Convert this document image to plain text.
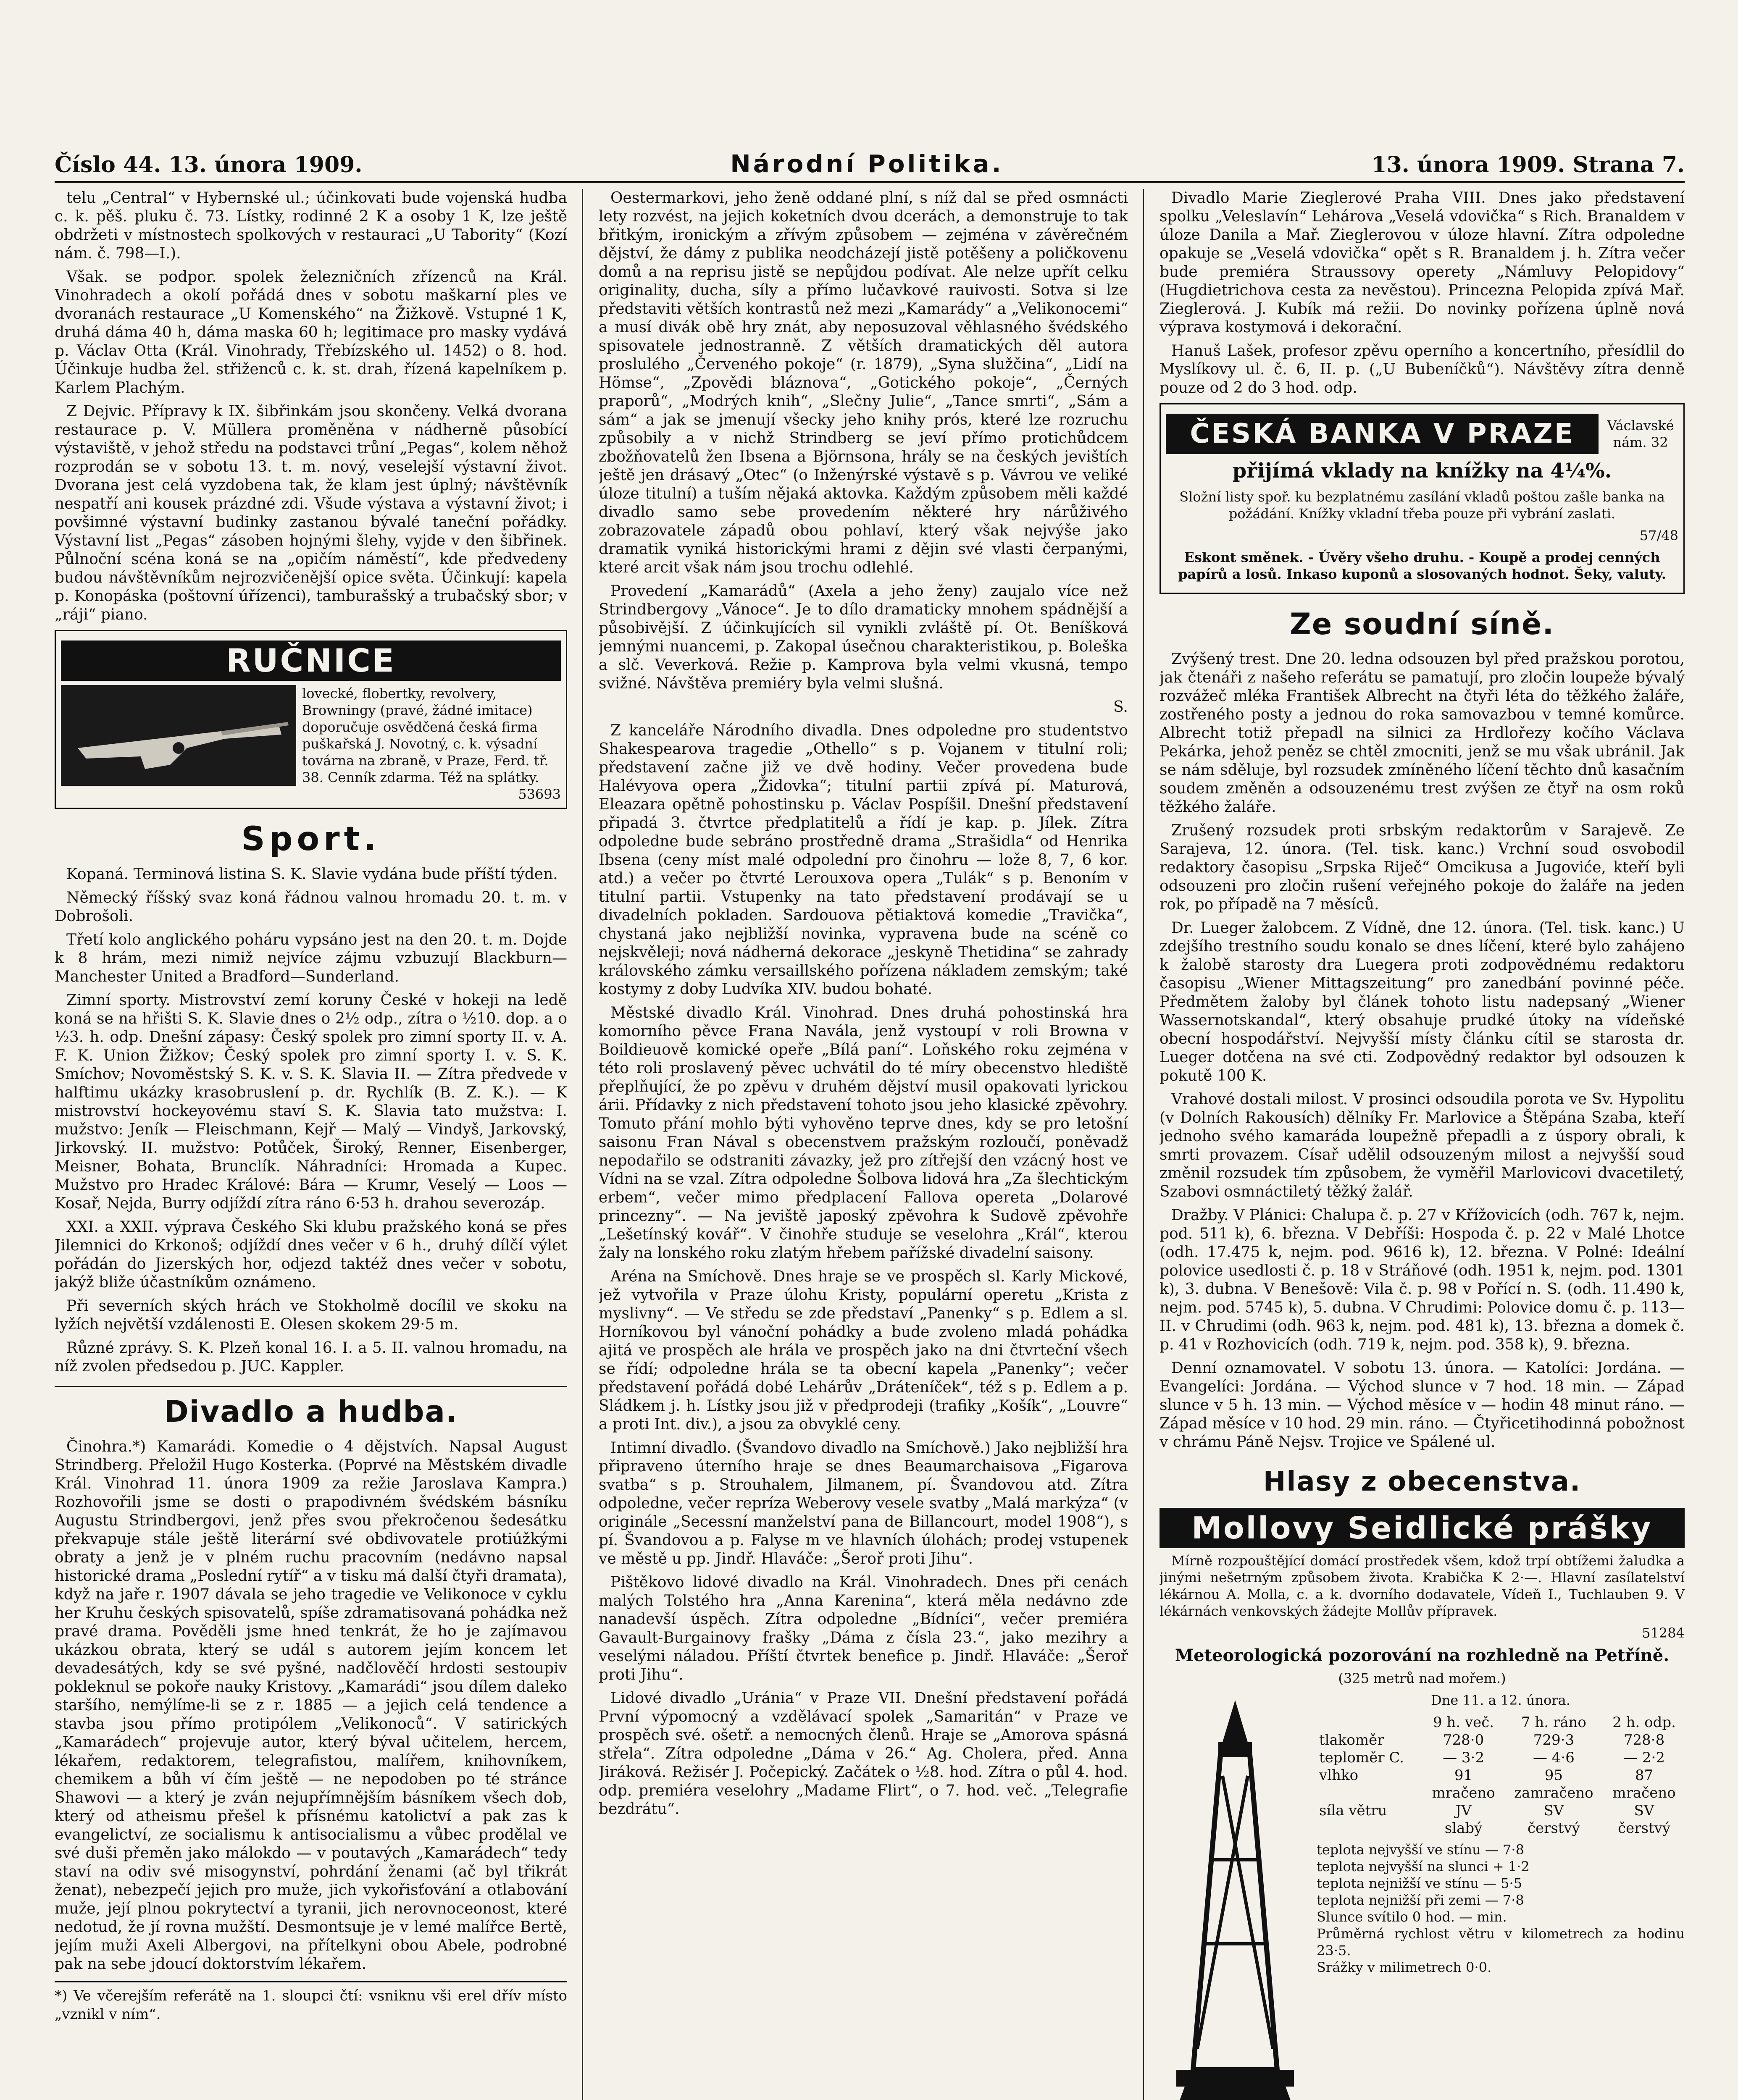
Číslo 44. 13. února 1909.	Národní Politika.	13. února 1909. Strana 7.

telu „Central“ v Hybernské ul.; účinkovati bude vojenská hudba c. k. pěš. pluku č. 73. Lístky, rodinné 2 K a osoby 1 K, lze ještě obdržeti v místnostech spolkových v restauraci „U Tabority“ (Kozí nám. č. 798—I.).

Však. se podpor. spolek železničních zřízenců na Král. Vinohradech a okolí pořádá dnes v sobotu maškarní ples ve dvoranách restaurace „U Komenského“ na Žižkově. Vstupné 1 K, druhá dáma 40 h, dáma maska 60 h; legitimace pro masky vydává p. Václav Otta (Král. Vinohrady, Třebízského ul. 1452) o 8. hod. Účinkuje hudba žel. střiženců c. k. st. drah, řízená kapelníkem p. Karlem Plachým.

Z Dejvic. Přípravy k IX. šibřinkám jsou skončeny. Velká dvorana restaurace p. V. Müllera proměněna v nádherně působící výstaviště, v jehož středu na podstavci trůní „Pegas“, kolem něhož rozprodán se v sobotu 13. t. m. nový, veselejší výstavní život. Dvorana jest celá vyzdobena tak, že klam jest úplný; návštěvník nespatří ani kousek prázdné zdi. Všude výstava a výstavní život; i povšimné výstavní budinky zastanou bývalé taneční pořádky. Výstavní list „Pegas“ zásoben hojnými šlehy, vyjde v den šibřinek. Půlnoční scéna koná se na „opičím náměstí“, kde předvedeny budou návštěvníkům nejrozvičenější opice světa. Účinkují: kapela p. Konopáska (poštovní úřízenci), tamburašský a trubačský sbor; v „ráji“ piano.

RUČNICE
lovecké, flobertky, revolvery, Browningy (pravé, žádné imitace) doporučuje osvědčená česká firma puškařská J. Novotný, c. k. výsadní továrna na zbraně, v Praze, Ferd. tř. 38. Cenník zdarma. Též na splátky.
53693
Sport.

Kopaná. Terminová listina S. K. Slavie vydána bude příští týden.

Německý říšský svaz koná řádnou valnou hromadu 20. t. m. v Dobrošoli.

Třetí kolo anglického poháru vypsáno jest na den 20. t. m. Dojde k 8 hrám, mezi nimiž nejvíce zájmu vzbuzují Blackburn—Manchester United a Bradford—Sunderland.

Zimní sporty. Mistrovství zemí koruny České v hokeji na ledě koná se na hřišti S. K. Slavie dnes o 2½ odp., zítra o ½10. dop. a o ½3. h. odp. Dnešní zápasy: Český spolek pro zimní sporty II. v. A. F. K. Union Žižkov; Český spolek pro zimní sporty I. v. S. K. Smíchov; Novoměstský S. K. v. S. K. Slavia II. — Zítra předvede v halftimu ukázky krasobruslení p. dr. Rychlík (B. Z. K.). — K mistrovství hockeyovému staví S. K. Slavia tato mužstva: I. mužstvo: Jeník — Fleischmann, Kejř — Malý — Vindyš, Jarkovský, Jirkovský. II. mužstvo: Potůček, Široký, Renner, Eisenberger, Meisner, Bohata, Brunclík. Náhradníci: Hromada a Kupec. Mužstvo pro Hradec Králové: Bára — Krumr, Veselý — Loos — Kosař, Nejda, Burry odjíždí zítra ráno 6·53 h. drahou severozáp.

XXI. a XXII. výprava Českého Ski klubu pražského koná se přes Jilemnici do Krkonoš; odjíždí dnes večer v 6 h., druhý dílčí výlet pořádán do Jizerských hor, odjezd taktéž dnes večer v sobotu, jakýž bliže účastníkům oznámeno.

Při severních ských hrách ve Stokholmě docílil ve skoku na lyžích největší vzdálenosti E. Olesen skokem 29·5 m.

Různé zprávy. S. K. Plzeň konal 16. I. a 5. II. valnou hromadu, na níž zvolen předsedou p. JUC. Kappler.

Divadlo a hudba.

Činohra.*) Kamarádi. Komedie o 4 dějstvích. Napsal August Strindberg. Přeložil Hugo Kosterka. (Poprvé na Městském divadle Král. Vinohrad 11. února 1909 za režie Jaroslava Kampra.) Rozhovořili jsme se dosti o prapodivném švédském básníku Augustu Strindbergovi, jenž přes svou překročenou šedesátku překvapuje stále ještě literární své obdivovatele protiúžkými obraty a jenž je v plném ruchu pracovním (nedávno napsal historické drama „Poslední rytíř“ a v tisku má další čtyři dramata), když na jaře r. 1907 dávala se jeho tragedie ve Velikonoce v cyklu her Kruhu českých spisovatelů, spíše zdramatisovaná pohádka než pravé drama. Pověděli jsme hned tenkrát, že ho je zajímavou ukázkou obrata, který se udál s autorem jejím koncem let devadesátých, kdy se své pyšné, nadčlověčí hrdosti sestoupiv pokleknul se pokoře nauky Kristovy. „Kamarádi“ jsou dílem daleko staršího, nemýlíme-li se z r. 1885 — a jejich celá tendence a stavba jsou přímo protipólem „Velikonoců“. V satirických „Kamarádech“ projevuje autor, který býval učitelem, hercem, lékařem, redaktorem, telegrafistou, malířem, knihovníkem, chemikem a bůh ví čím ještě — ne nepodoben po té stránce Shawovi — a který je zván nejupřímnějším básníkem všech dob, který od atheismu přešel k přísnému katolictví a pak zas k evangelictví, ze socialismu k antisocialismu a vůbec prodělal ve své duši přeměn jako málokdo — v poutavých „Kamarádech“ tedy staví na odiv své misogynství, pohrdání ženami (ač byl třikrát ženat), nebezpečí jejich pro muže, jich vykořisťování a otlabování muže, její plnou pokrytectví a tyranii, jich nerovnoceonost, které nedotud, že jí rovna mužští. Desmontsuje je v lemé malířce Bertě, jejím muži Axeli Albergovi, na přítelkyni obou Abele, podrobné pak na sebe jdoucí doktorstvím lékařem.

*) Ve včerejším referátě na 1. sloupci čtí: vsniknu vši erel dřív místo „vznikl v ním“.

Oestermarkovi, jeho ženě oddané plní, s níž dal se před osmnácti lety rozvést, na jejich koketních dvou dcerách, a demonstruje to tak břitkým, ironickým a zřívým způsobem — zejména v závěrečném dějství, že dámy z publika neodcházejí jistě potěšeny a poličkovenu domů a na reprisu jistě se nepůjdou podívat. Ale nelze upřít celku originality, ducha, síly a přímo lučavkové rauivosti. Sotva si lze představiti větších kontrastů než mezi „Kamarády“ a „Velikonocemi“ a musí divák obě hry znát, aby neposuzoval věhlasného švédského spisovatele jednostranně. Z větších dramatických děl autora proslulého „Červeného pokoje“ (r. 1879), „Syna služčina“, „Lidí na Hömse“, „Zpovědi bláznova“, „Gotického pokoje“, „Černých praporů“, „Modrých knih“, „Slečny Julie“, „Tance smrti“, „Sám a sám“ a jak se jmenují všecky jeho knihy prós, které lze rozruchu způsobily a v nichž Strindberg se jeví přímo protichůdcem zbožňovatelů žen Ibsena a Björnsona, hrály se na českých jevištích ještě jen drásavý „Otec“ (o Inženýrské výstavě s p. Vávrou ve veliké úloze titulní) a tuším nějaká aktovka. Každým způsobem měli každé divadlo samo sebe provedením některé hry nárůživého zobrazovatele západů obou pohlaví, který však nejvýše jako dramatik vyniká historickými hrami z dějin své vlasti čerpanými, které arcit však nám jsou trochu odlehlé.

Provedení „Kamarádů“ (Axela a jeho ženy) zaujalo více než Strindbergovy „Vánoce“. Je to dílo dramaticky mnohem spádnější a působivější. Z účinkujících sil vynikli zvláště pí. Ot. Beníšková jemnými nuancemi, p. Zakopal úsečnou charakteristikou, p. Boleška a slč. Veverková. Režie p. Kamprova byla velmi vkusná, tempo svižné. Návštěva premiéry byla velmi slušná.

S.

Z kanceláře Národního divadla. Dnes odpoledne pro studentstvo Shakespearova tragedie „Othello“ s p. Vojanem v titulní roli; představení začne již ve dvě hodiny. Večer provedena bude Halévyova opera „Židovka“; titulní partii zpívá pí. Maturová, Eleazara opětně pohostinsku p. Václav Pospíšil. Dnešní představení připadá 3. čtvrtce předplatitelů a řídí je kap. p. Jílek. Zítra odpoledne bude sebráno prostředně drama „Strašidla“ od Henrika Ibsena (ceny míst malé odpolední pro činohru — lože 8, 7, 6 kor. atd.) a večer po čtvrté Lerouxova opera „Tulák“ s p. Benoním v titulní partii. Vstupenky na tato představení prodávají se u divadelních pokladen. Sardouova pětiaktová komedie „Travička“, chystaná jako nejbližší novinka, vypravena bude na scéně co nejskvěleji; nová nádherná dekorace „jeskyně Thetidina“ se zahrady královského zámku versaillského pořízena nákladem zemským; také kostymy z doby Ludvíka XIV. budou bohaté.

Městské divadlo Král. Vinohrad. Dnes druhá pohostinská hra komorního pěvce Frana Navála, jenž vystoupí v roli Browna v Boildieuově komické opeře „Bílá paní“. Loňského roku zejména v této roli proslavený pěvec uchvátil do té míry obecenstvo hlediště přeplňující, že po zpěvu v druhém dějství musil opakovati lyrickou árii. Přídavky z nich představení tohoto jsou jeho klasické zpěvohry. Tomuto přání mohlo býti vyhověno teprve dnes, kdy se pro letošní saisonu Fran Nával s obecenstvem pražským rozloučí, poněvadž nepodařilo se odstraniti závazky, jež pro zítřejší den vzácný host ve Vídni na se vzal. Zítra odpoledne Šolbova lidová hra „Za šlechtickým erbem“, večer mimo předplacení Fallova opereta „Dolarové princezny“. — Na jeviště japoský zpěvohra k Sudově zpěvohře „Lešetínský kovář“. V činohře studuje se veselohra „Král“, kterou žaly na lonského roku zlatým hřebem pařížské divadelní saisony.

Aréna na Smíchově. Dnes hraje se ve prospěch sl. Karly Mickové, jež vytvořila v Praze úlohu Kristy, populární operetu „Krista z myslivny“. — Ve středu se zde představí „Panenky“ s p. Edlem a sl. Horníkovou byl vánoční pohádky a bude zvoleno mladá pohádka ajitá ve prospěch ale hrála ve prospěch jako na dni čtvrteční všech se řídí; odpoledne hrála se ta obecní kapela „Panenky“; večer představení pořádá dobé Lehárův „Dráteníček“, též s p. Edlem a p. Sládkem j. h. Lístky jsou již v předprodeji (trafiky „Košík“, „Louvre“ a proti Int. div.), a jsou za obvyklé ceny.

Intimní divadlo. (Švandovo divadlo na Smíchově.) Jako nejbližší hra připraveno úterního hraje se dnes Beaumarchaisova „Figarova svatba“ s p. Strouhalem, Jilmanem, pí. Švandovou atd. Zítra odpoledne, večer repríza Weberovy vesele svatby „Malá markýza“ (v originále „Secessní manželství pana de Billancourt, model 1908“), s pí. Švandovou a p. Falyse m ve hlavních úlohách; prodej vstupenek ve městě u pp. Jindř. Hlaváče: „Šeroř proti Jihu“.

Pištěkovo lidové divadlo na Král. Vinohradech. Dnes při cenách malých Tolstého hra „Anna Karenina“, která měla nedávno zde nanadevší úspěch. Zítra odpoledne „Bídníci“, večer premiéra Gavault-Burgainovy frašky „Dáma z čísla 23.“, jako mezihry a veselými náladou. Příští čtvrtek benefice p. Jindř. Hlaváče: „Šeroř proti Jihu“.

Lidové divadlo „Uránia“ v Praze VII. Dnešní představení pořádá První výpomocný a vzdělávací spolek „Samaritán“ v Praze ve prospěch své. ošetř. a nemocných členů. Hraje se „Amorova spásná střela“. Zítra odpoledne „Dáma v 26.“ Ag. Cholera, před. Anna Jiráková. Režisér J. Počepický. Začátek o ½8. hod. Zítra o půl 4. hod. odp. premiéra veselohry „Madame Flirt“, o 7. hod. več. „Telegrafie bezdrátu“.

Divadlo Marie Zieglerové Praha VIII. Dnes jako představení spolku „Veleslavín“ Lehárova „Veselá vdovička“ s Rich. Branaldem v úloze Danila a Mař. Zieglerovou v úloze hlavní. Zítra odpoledne opakuje se „Veselá vdovička“ opět s R. Branaldem j. h. Zítra večer bude premiéra Straussovy operety „Námluvy Pelopidovy“ (Hugdietrichova cesta za nevěstou). Princezna Pelopida zpívá Mař. Zieglerová. J. Kubík má režii. Do novinky pořízena úplně nová výprava kostymová i dekorační.

Hanuš Lašek, profesor zpěvu operního a koncertního, přesídlil do Myslíkovy ul. č. 6, II. p. („U Bubeníčků“). Návštěvy zítra denně pouze od 2 do 3 hod. odp.

ČESKÁ BANKA V PRAZE	Václavské nám. 32

přijímá vklady na knížky na 4¼%.

Složní listy spoř. ku bezplatnému zasílání vkladů poštou zašle banka na požádání. Knížky vkladní třeba pouze při vybrání zaslati.

57/48

Eskont směnek. - Úvěry všeho druhu. - Koupě a prodej cenných papírů a losů. Inkaso kuponů a slosovaných hodnot. Šeky, valuty.

Ze soudní síně.

Zvýšený trest. Dne 20. ledna odsouzen byl před pražskou porotou, jak čtenáři z našeho referátu se pamatují, pro zločin loupeže bývalý rozvážeč mléka František Albrecht na čtyři léta do těžkého žaláře, zostřeného posty a jednou do roka samovazbou v temné komůrce. Albrecht totiž přepadl na silnici za Hrdlořezy kočího Václava Pekárka, jehož peněz se chtěl zmocniti, jenž se mu však ubránil. Jak se nám sděluje, byl rozsudek zmíněného líčení těchto dnů kasačním soudem změněn a odsouzenému trest zvýšen ze čtyř na osm roků těžkého žaláře.

Zrušený rozsudek proti srbským redaktorům v Sarajevě. Ze Sarajeva, 12. února. (Tel. tisk. kanc.) Vrchní soud osvobodil redaktory časopisu „Srpska Riječ“ Omcikusa a Jugoviće, kteří byli odsouzeni pro zločin rušení veřejného pokoje do žaláře na jeden rok, po případě na 7 měsíců.

Dr. Lueger žalobcem. Z Vídně, dne 12. února. (Tel. tisk. kanc.) U zdejšího trestního soudu konalo se dnes líčení, které bylo zahájeno k žalobě starosty dra Luegera proti zodpovědnému redaktoru časopisu „Wiener Mittagszeitung“ pro zanedbání povinné péče. Předmětem žaloby byl článek tohoto listu nadepsaný „Wiener Wassernotskandal“, který obsahuje prudké útoky na vídeňské obecní hospodářství. Nejvyšší místy článku cítil se starosta dr. Lueger dotčena na své cti. Zodpovědný redaktor byl odsouzen k pokutě 100 K.

Vrahové dostali milost. V prosinci odsoudila porota ve Sv. Hypolitu (v Dolních Rakousích) dělníky Fr. Marlovice a Štěpána Szaba, kteří jednoho svého kamaráda loupežně přepadli a z úspory obrali, k smrti provazem. Císař udělil odsouzeným milost a nejvyšší soud změnil rozsudek tím způsobem, že vyměřil Marlovicovi dvacetiletý, Szabovi osmnáctiletý těžký žalář.

Dražby. V Plánici: Chalupa č. p. 27 v Křížovicích (odh. 767 k, nejm. pod. 511 k), 6. března. V Debříši: Hospoda č. p. 22 v Malé Lhotce (odh. 17.475 k, nejm. pod. 9616 k), 12. března. V Polné: Ideální polovice usedlosti č. p. 18 v Stráňové (odh. 1951 k, nejm. pod. 1301 k), 3. dubna. V Benešově: Vila č. p. 98 v Pořící n. S. (odh. 11.490 k, nejm. pod. 5745 k), 5. dubna. V Chrudimi: Polovice domu č. p. 113—II. v Chrudimi (odh. 963 k, nejm. pod. 481 k), 13. března a domek č. p. 41 v Rozhovicích (odh. 719 k, nejm. pod. 358 k), 9. března.

Denní oznamovatel. V sobotu 13. února. — Katolíci: Jordána. — Evangelíci: Jordána. — Východ slunce v 7 hod. 18 min. — Západ slunce v 5 h. 13 min. — Východ měsíce v — hodin 48 minut ráno. — Západ měsíce v 10 hod. 29 min. ráno. — Čtyřicetihodinná pobožnost v chrámu Páně Nejsv. Trojice ve Spálené ul.

Hlasy z obecenstva.
Mollovy Seidlické prášky

Mírně rozpouštějící domácí prostředek všem, kdož trpí obtížemi žaludka a jinými nešetrným způsobem života. Krabička K 2·—. Hlavní zasílatelství lékárnou A. Molla, c. a k. dvorního dodavatele, Vídeň I., Tuchlauben 9. V lékárnách venkovských žádejte Mollův přípravek.

51284

Meteorologická pozorování na rozhledně na Petříně.

(325 metrů nad mořem.)

Dne 11. a 12. února.

	9 h. več.	7 h. ráno	2 h. odp.
tlakoměr	728·0	729·3	728·8
teploměr C.	— 3·2	— 4·6	— 2·2
vlhko	91	95	87
	mračeno	zamračeno	mračeno
síla větru	JV	SV	SV
	slabý	čerstvý	čerstvý
teplota nejvyšší ve stínu — 7·8
teplota nejvyšší na slunci + 1·2
teplota nejnižší ve stínu — 5·5
teplota nejnižší při zemi — 7·8
Slunce svítilo 0 hod. — min.
Průměrná rychlost větru v kilometrech za hodinu 23·5.
Srážky v milimetrech 0·0.
